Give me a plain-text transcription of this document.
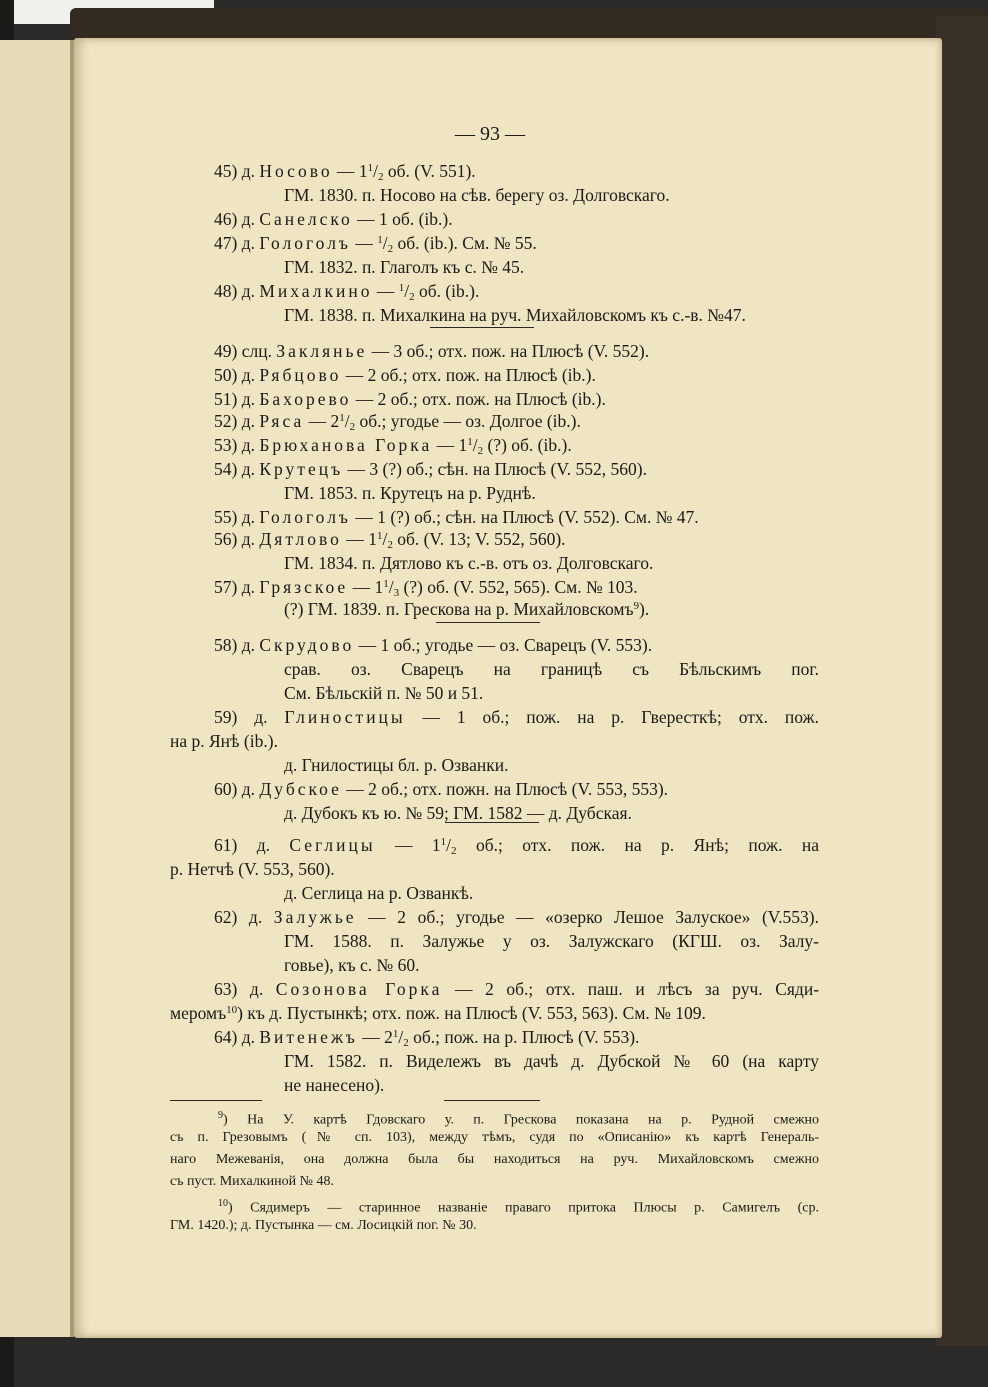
— 93 —
45) д. Носово — $1^1/_2$ об. (V. 551).
ГМ. 1830. п. Носово на сѣв. берегу оз. Долговскаго.
46) д. Санелско — 1 об. (ib.).
47) д. Гологолъ — $^1/_2$ об. (ib.). См. № 55.
ГМ. 1832. п. Глаголъ къ с. № 45.
48) д. Михалкино — $^1/_2$ об. (ib.).
ГМ. 1838. п. Михалкина на руч. Михайловскомъ къ с.-в. №47.
49) слц. Заклянье — 3 об.; отх. пож. на Плюсѣ (V. 552).
50) д. Рябцово — 2 об.; отх. пож. на Плюсѣ (ib.).
51) д. Бахорево — 2 об.; отх. пож. на Плюсѣ (ib.).
52) д. Ряса — $2^1/_2$ об.; угодье — оз. Долгое (ib.).
53) д. Брюханова Горка — $1^1/_2$ (?) об. (ib.).
54) д. Крутецъ — 3 (?) об.; сѣн. на Плюсѣ (V. 552, 560).
ГМ. 1853. п. Крутецъ на р. Руднѣ.
55) д. Гологолъ — 1 (?) об.; сѣн. на Плюсѣ (V. 552). См. № 47.
56) д. Дятлово — $1^1/_2$ об. (V. 13; V. 552, 560).
ГМ. 1834. п. Дятлово къ с.-в. отъ оз. Долговскаго.
57) д. Грязское — $1^1/_3$ (?) об. (V. 552, 565). См. № 103.
(?) ГМ. 1839. п. Гресковa на р. Михайловскомъ$^9$).
58) д. Скрудово — 1 об.; угодье — оз. Сварецъ (V. 553).
срав. оз. Сварецъ на границѣ съ Бѣльскимъ пог.
См. Бѣльскій п. № 50 и 51.
59) д. Глиностицы — 1 об.; пож. на р. Гвересткѣ; отх. пож.
на р. Янѣ (ib.).
д. Гнилостицы бл. р. Озванки.
60) д. Дубское — 2 об.; отх. пожн. на Плюсѣ (V. 553, 553).
д. Дубокъ къ ю. № 59; ГМ. 1582 — д. Дубская.
61) д. Сеглицы — $1^1/_2$ об.; отх. пож. на р. Янѣ; пож. на
р. Нетчѣ (V. 553, 560).
д. Сеглица на р. Озванкѣ.
62) д. Залужье — 2 об.; угодье — «озерко Лешое Залуское» (V.553).
ГМ. 1588. п. Залужье у оз. Залужскаго (КГШ. оз. Залу-
говье), къ с. № 60.
63) д. Созонова Горка — 2 об.; отх. паш. и лѣсъ за руч. Сяди-
меромъ$^{10}$) къ д. Пустынкѣ; отх. пож. на Плюсѣ (V. 553, 563). См. № 109.
64) д. Витенежъ — $2^1/_2$ об.; пож. на р. Плюсѣ (V. 553).
ГМ. 1582. п. Видележъ въ дачѣ д. Дубской № 60 (на карту
не нанесено).
$^9$) На У. картѣ Гдовскаго у. п. Грескова показана на р. Рудной смежно
съ п. Грезовымъ (№ сп. 103), между тѣмъ, судя по «Описанію» къ картѣ Генераль-
наго Межеванія, она должна была бы находиться на руч. Михайловскомъ смежно
съ пуст. Михалкиной № 48.
$^{10}$) Сядимеръ — старинное названіе праваго притока Плюсы р. Самигелъ (ср.
ГМ. 1420.); д. Пустынка — см. Лосицкій пог. № 30.
